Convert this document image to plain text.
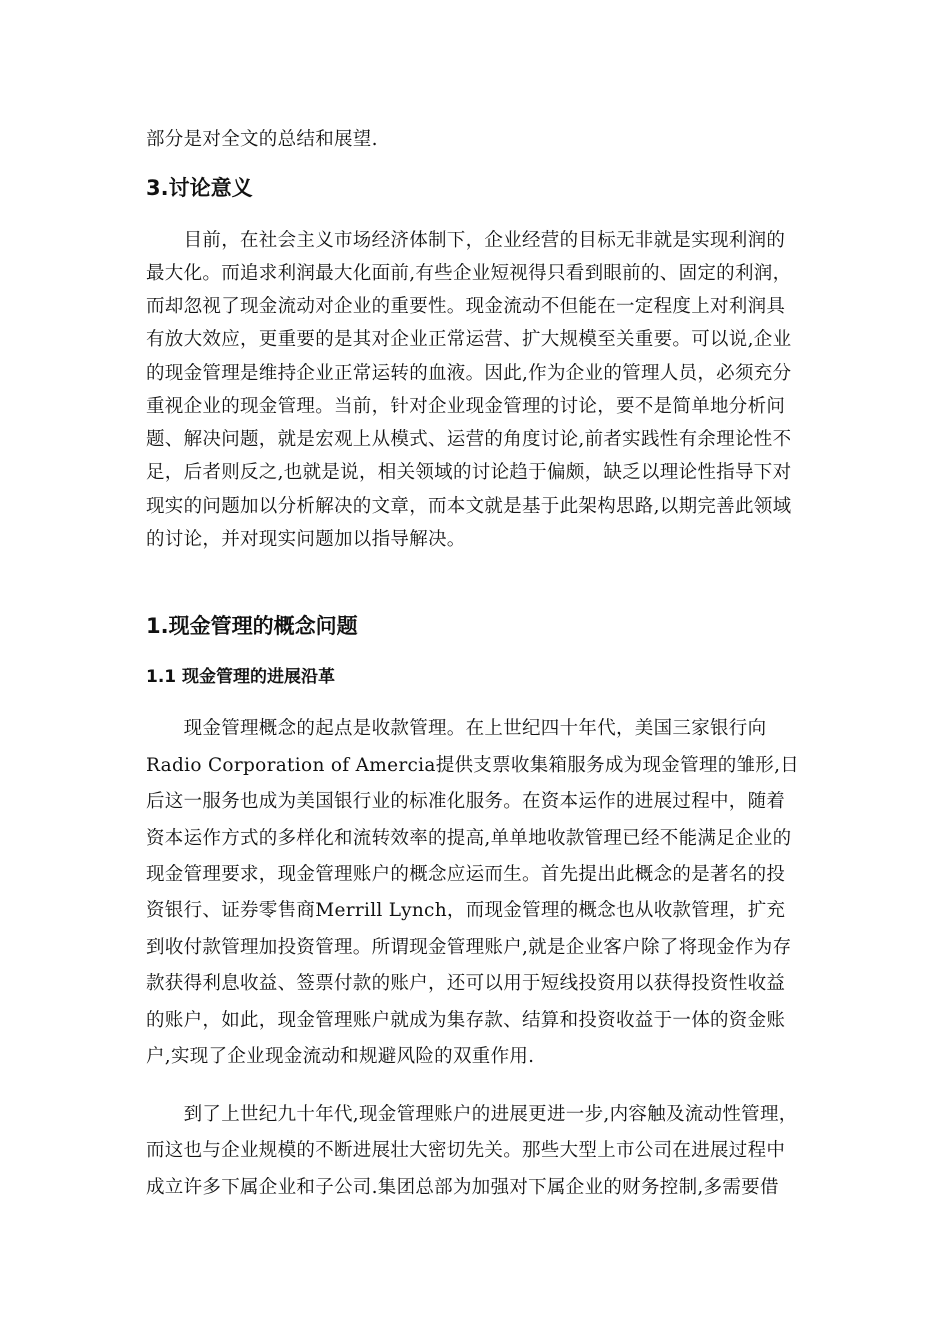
部分是对全文的总结和展望.
3.讨论意义
　　目前，在社会主义市场经济体制下，企业经营的目标无非就是实现利润的
最大化。而追求利润最大化面前,有些企业短视得只看到眼前的、固定的利润，
而却忽视了现金流动对企业的重要性。现金流动不但能在一定程度上对利润具
有放大效应，更重要的是其对企业正常运营、扩大规模至关重要。可以说,企业
的现金管理是维持企业正常运转的血液。因此,作为企业的管理人员，必须充分
重视企业的现金管理。当前，针对企业现金管理的讨论，要不是简单地分析问
题、解决问题，就是宏观上从模式、运营的角度讨论,前者实践性有余理论性不
足，后者则反之,也就是说，相关领域的讨论趋于偏颇，缺乏以理论性指导下对
现实的问题加以分析解决的文章，而本文就是基于此架构思路,以期完善此领域
的讨论，并对现实问题加以指导解决。
1.现金管理的概念问题
1.1 现金管理的进展沿革
　　现金管理概念的起点是收款管理。在上世纪四十年代，美国三家银行向
Radio Corporation of Amercia提供支票收集箱服务成为现金管理的雏形,日
后这一服务也成为美国银行业的标准化服务。在资本运作的进展过程中，随着
资本运作方式的多样化和流转效率的提高,单单地收款管理已经不能满足企业的
现金管理要求，现金管理账户的概念应运而生。首先提出此概念的是著名的投
资银行、证券零售商Merrill Lynch，而现金管理的概念也从收款管理，扩充
到收付款管理加投资管理。所谓现金管理账户,就是企业客户除了将现金作为存
款获得利息收益、签票付款的账户，还可以用于短线投资用以获得投资性收益
的账户，如此，现金管理账户就成为集存款、结算和投资收益于一体的资金账
户,实现了企业现金流动和规避风险的双重作用.
　　到了上世纪九十年代,现金管理账户的进展更进一步,内容触及流动性管理，
而这也与企业规模的不断进展壮大密切先关。那些大型上市公司在进展过程中
成立许多下属企业和子公司.集团总部为加强对下属企业的财务控制,多需要借
